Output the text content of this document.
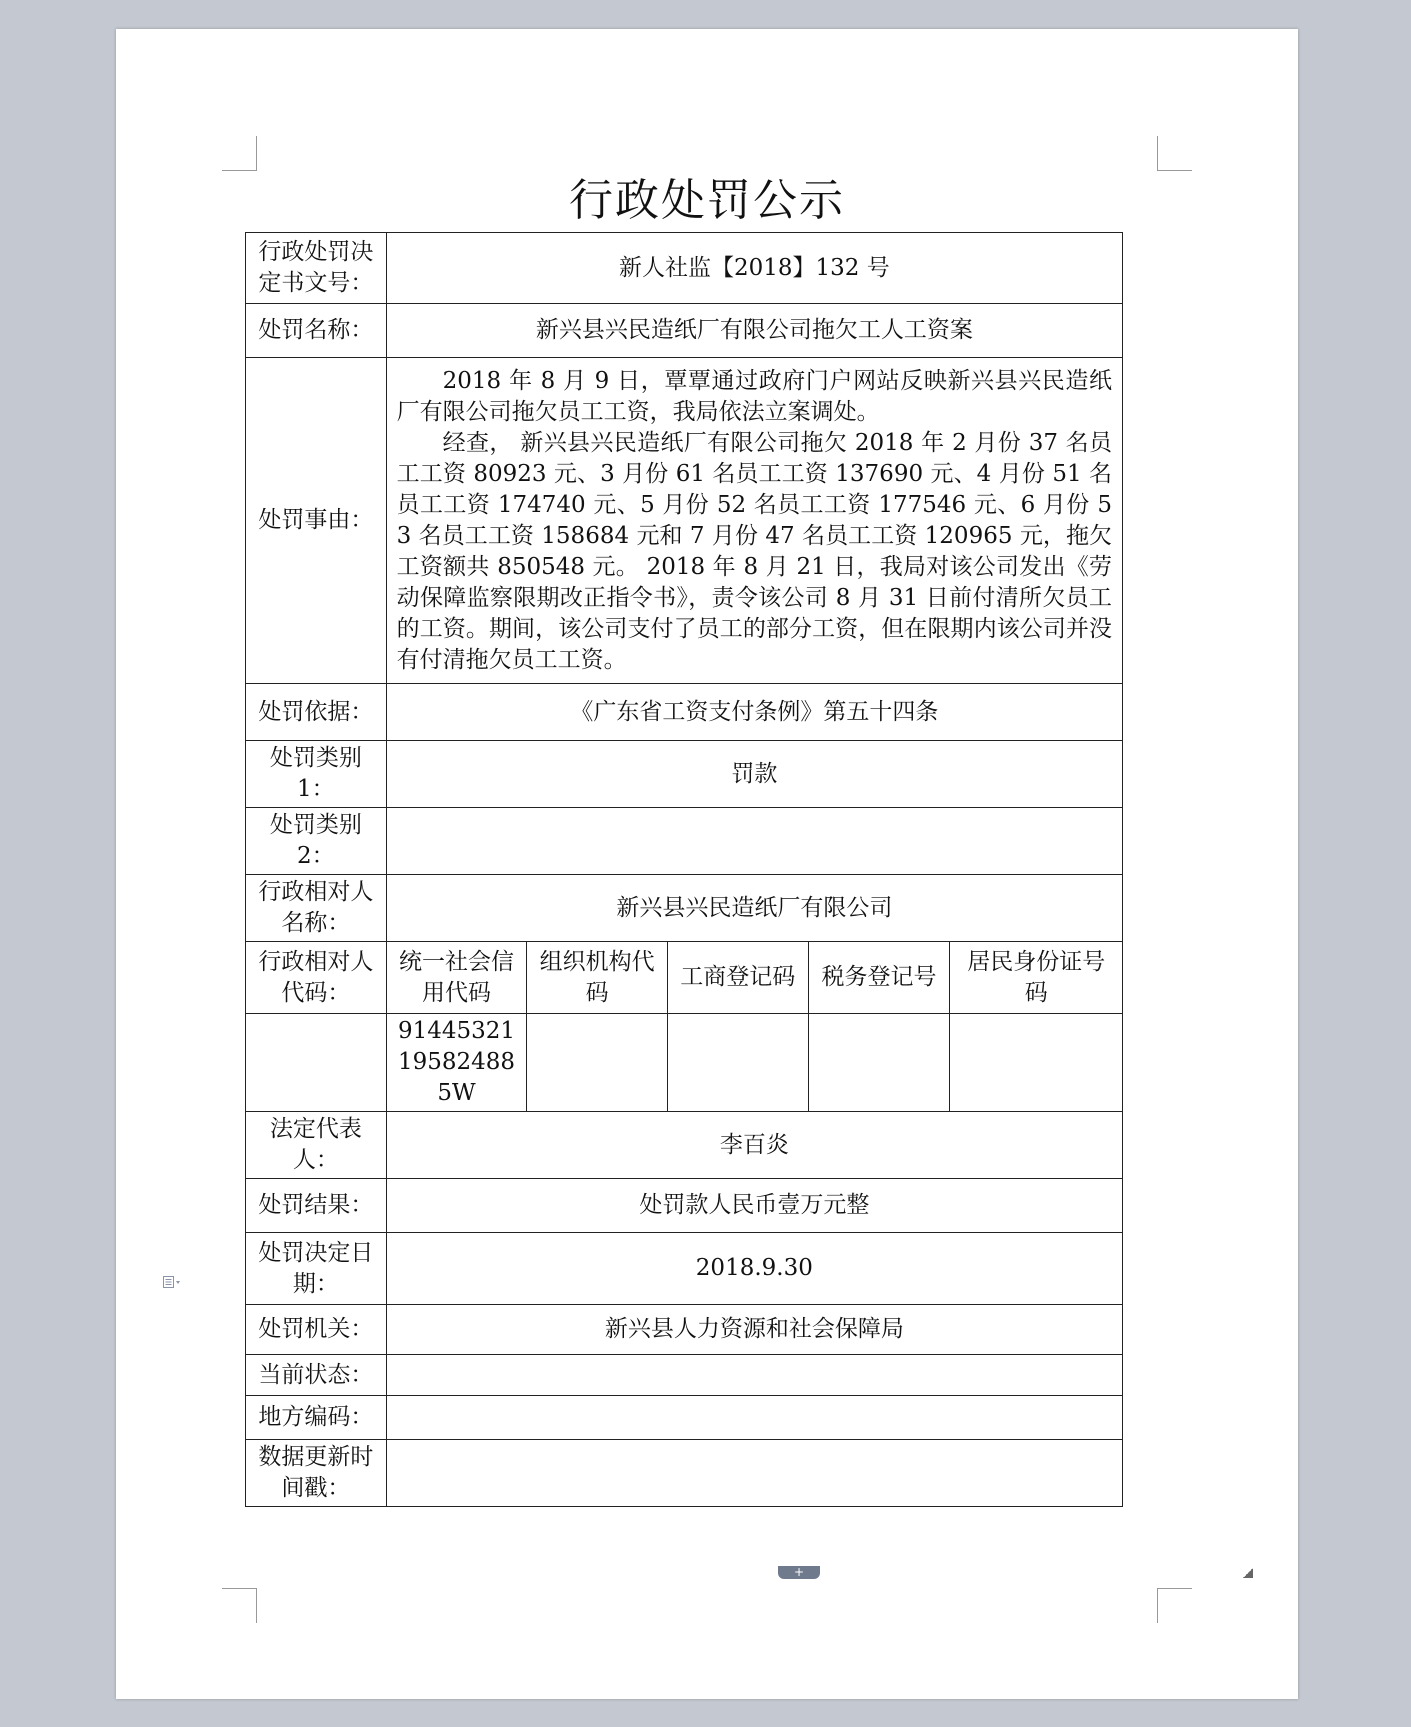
行政处罚公示
行政处罚决定书文号：	新人社监【2018】132 号				
处罚名称：	新兴县兴民造纸厂有限公司拖欠工人工资案				
处罚事由：	2018 年 8 月 9 日，覃覃通过政府门户网站反映新兴县兴民造纸厂有限公司拖欠员工工资，我局依法立案调处。

经查， 新兴县兴民造纸厂有限公司拖欠 2018 年 2 月份 37 名员工工资 80923 元、3 月份 61 名员工工资 137690 元、4 月份 51 名员工工资 174740 元、5 月份 52 名员工工资 177546 元、6 月份 53 名员工工资 158684 元和 7 月份 47 名员工工资 120965 元，拖欠工资额共 850548 元。 2018 年 8 月 21 日，我局对该公司发出《劳动保障监察限期改正指令书》，责令该公司 8 月 31 日前付清所欠员工的工资。期间，该公司支付了员工的部分工资，但在限期内该公司并没有付清拖欠员工工资。				

处罚依据：	《广东省工资支付条例》第五十四条				
处罚类别1：	罚款				
处罚类别2：					
行政相对人名称：	新兴县兴民造纸厂有限公司				
行政相对人代码：	统一社会信用代码	组织机构代码	工商登记码	税务登记号	居民身份证号码
	91445321195824885W				
法定代表人：	李百炎				
处罚结果：	处罚款人民币壹万元整				
处罚决定日期：	2018.9.30				
处罚机关：	新兴县人力资源和社会保障局				
当前状态：					
地方编码：					
数据更新时间戳：					
+
